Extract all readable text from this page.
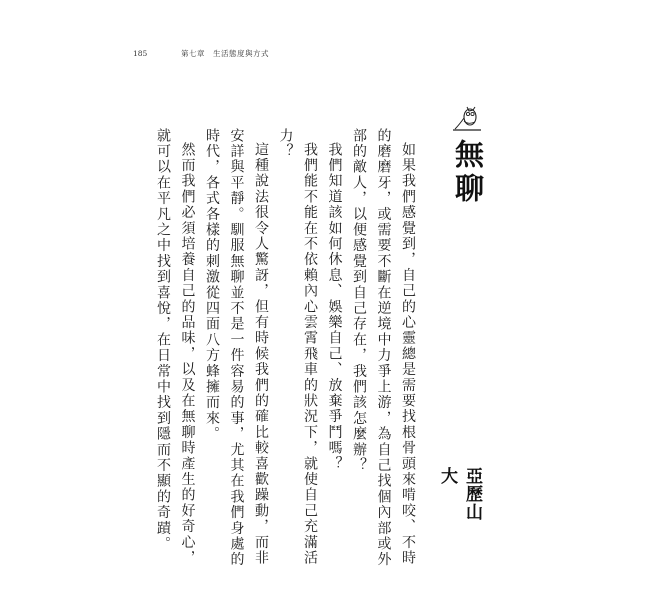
185	第七章　生活態度與方式
無聊
亞歷山大

如果我們感覺到，自己的心靈總是需要找根骨頭來啃咬、不時的磨磨牙，或需要不斷在逆境中力爭上游，為自己找個內部或外部的敵人，以便感覺到自己存在，我們該怎麼辦？

我們知道該如何休息、娛樂自己、放棄爭鬥嗎？

我們能不能在不依賴內心雲霄飛車的狀況下，就使自己充滿活力？

這種說法很令人驚訝，但有時候我們的確比較喜歡躁動，而非安詳與平靜。馴服無聊並不是一件容易的事，尤其在我們身處的時代，各式各樣的刺激從四面八方蜂擁而來。

然而我們必須培養自己的品味，以及在無聊時產生的好奇心，就可以在平凡之中找到喜悅，在日常中找到隱而不顯的奇蹟。
